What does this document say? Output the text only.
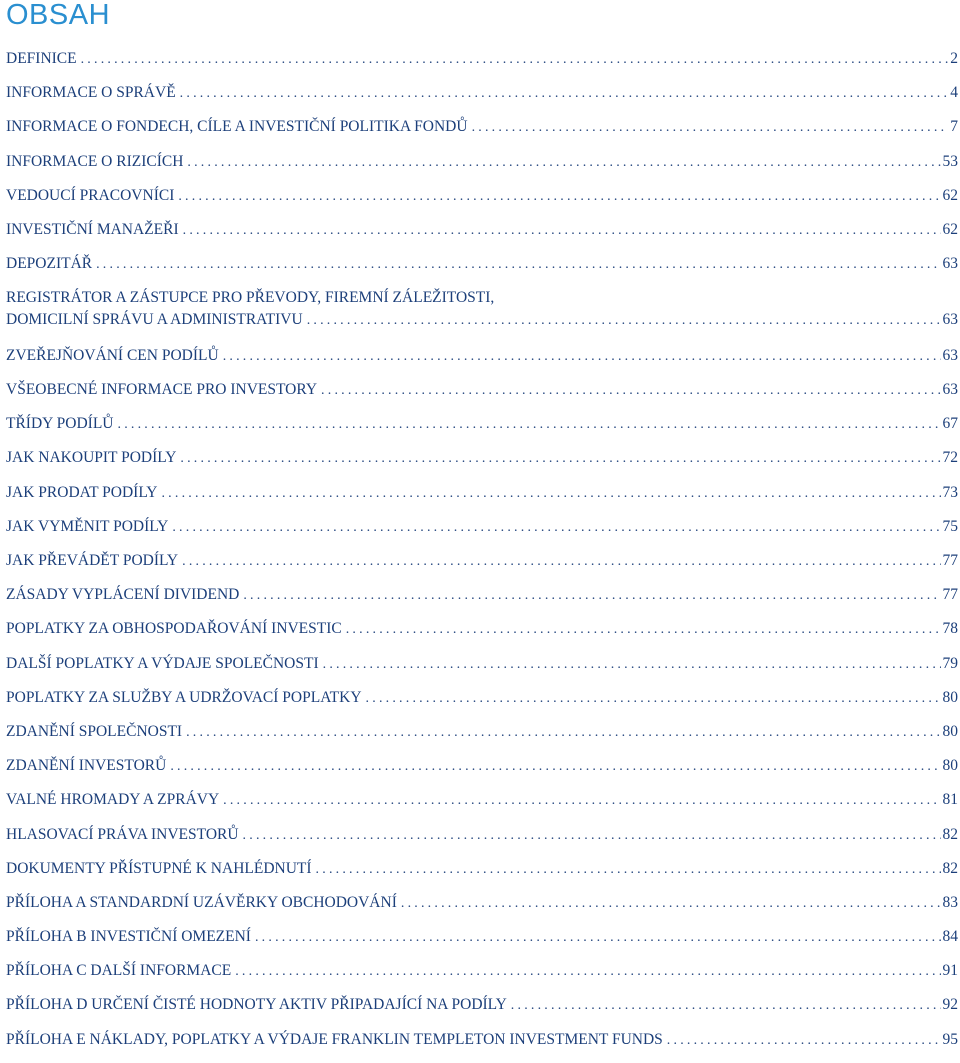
OBSAH
DEFINICE .....	2
INFORMACE O SPRÁVĚ .....	4
INFORMACE O FONDECH, CÍLE A INVESTIČNÍ POLITIKA FONDŮ .....	7
INFORMACE O RIZICÍCH .....	53
VEDOUCÍ PRACOVNÍCI .....	62
INVESTIČNÍ MANAŽEŘI .....	62
DEPOZITÁŘ .....	63
REGISTRÁTOR A ZÁSTUPCE PRO PŘEVODY, FIREMNÍ ZÁLEŽITOSTI,
DOMICILNÍ SPRÁVU A ADMINISTRATIVU .....	63
ZVEŘEJŇOVÁNÍ CEN PODÍLŮ .....	63
VŠEOBECNÉ INFORMACE PRO INVESTORY .....	63
TŘÍDY PODÍLŮ .....	67
JAK NAKOUPIT PODÍLY .....	72
JAK PRODAT PODÍLY .....	73
JAK VYMĚNIT PODÍLY .....	75
JAK PŘEVÁDĚT PODÍLY .....	77
ZÁSADY VYPLÁCENÍ DIVIDEND .....	77
POPLATKY ZA OBHOSPODAŘOVÁNÍ INVESTIC .....	78
DALŠÍ POPLATKY A VÝDAJE SPOLEČNOSTI .....	79
POPLATKY ZA SLUŽBY A UDRŽOVACÍ POPLATKY .....	80
ZDANĚNÍ SPOLEČNOSTI .....	80
ZDANĚNÍ INVESTORŮ .....	80
VALNÉ HROMADY A ZPRÁVY .....	81
HLASOVACÍ PRÁVA INVESTORŮ .....	82
DOKUMENTY PŘÍSTUPNÉ K NAHLÉDNUTÍ .....	82
PŘÍLOHA A STANDARDNÍ UZÁVĚRKY OBCHODOVÁNÍ .....	83
PŘÍLOHA B INVESTIČNÍ OMEZENÍ .....	84
PŘÍLOHA C DALŠÍ INFORMACE .....	91
PŘÍLOHA D URČENÍ ČISTÉ HODNOTY AKTIV PŘIPADAJÍCÍ NA PODÍLY .....	92
PŘÍLOHA E NÁKLADY, POPLATKY A VÝDAJE FRANKLIN TEMPLETON INVESTMENT FUNDS .....	95
